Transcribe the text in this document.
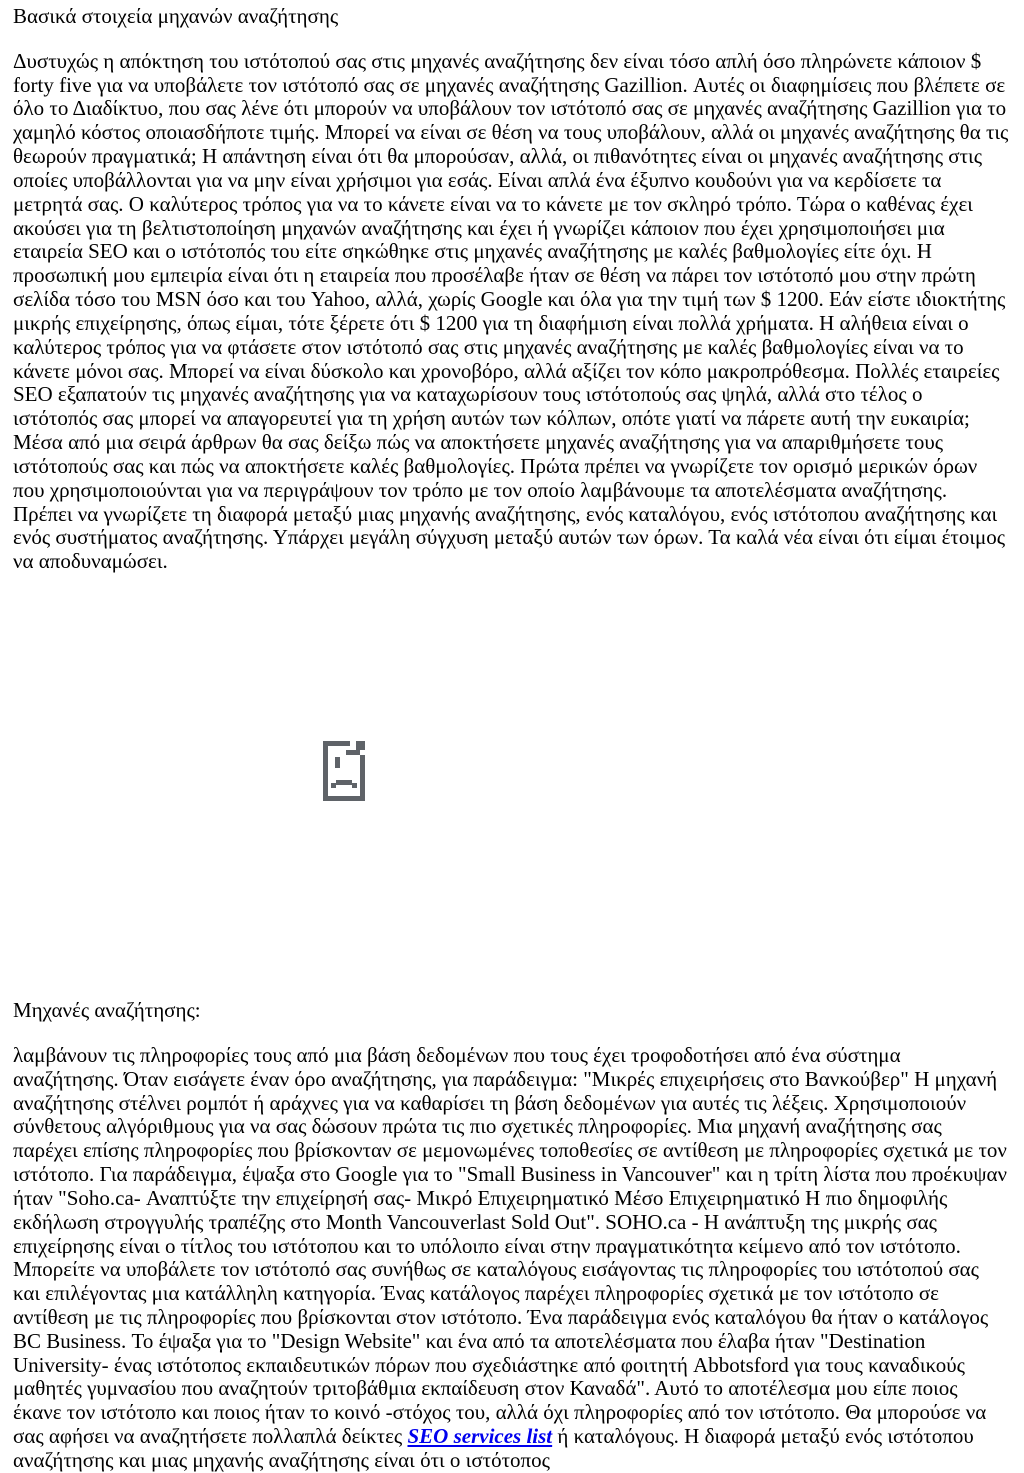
Βασικά στοιχεία μηχανών αναζήτησης

Δυστυχώς η απόκτηση του ιστότοπού σας στις μηχανές αναζήτησης δεν είναι τόσο απλή όσο πληρώνετε κάποιον $ forty five για να υποβάλετε τον ιστότοπό σας σε μηχανές αναζήτησης Gazillion. Αυτές οι διαφημίσεις που βλέπετε σε όλο το Διαδίκτυο, που σας λένε ότι μπορούν να υποβάλουν τον ιστότοπό σας σε μηχανές αναζήτησης Gazillion για το χαμηλό κόστος οποιασδήποτε τιμής. Μπορεί να είναι σε θέση να τους υποβάλουν, αλλά οι μηχανές αναζήτησης θα τις θεωρούν πραγματικά; Η απάντηση είναι ότι θα μπορούσαν, αλλά, οι πιθανότητες είναι οι μηχανές αναζήτησης στις οποίες υποβάλλονται για να μην είναι χρήσιμοι για εσάς. Είναι απλά ένα έξυπνο κουδούνι για να κερδίσετε τα μετρητά σας. Ο καλύτερος τρόπος για να το κάνετε είναι να το κάνετε με τον σκληρό τρόπο. Τώρα ο καθένας έχει ακούσει για τη βελτιστοποίηση μηχανών αναζήτησης και έχει ή γνωρίζει κάποιον που έχει χρησιμοποιήσει μια εταιρεία SEO και ο ιστότοπός του είτε σηκώθηκε στις μηχανές αναζήτησης με καλές βαθμολογίες είτε όχι. Η προσωπική μου εμπειρία είναι ότι η εταιρεία που προσέλαβε ήταν σε θέση να πάρει τον ιστότοπό μου στην πρώτη σελίδα τόσο του MSN όσο και του Yahoo, αλλά, χωρίς Google και όλα για την τιμή των $ 1200. Εάν είστε ιδιοκτήτης μικρής επιχείρησης, όπως είμαι, τότε ξέρετε ότι $ 1200 για τη διαφήμιση είναι πολλά χρήματα. Η αλήθεια είναι ο καλύτερος τρόπος για να φτάσετε στον ιστότοπό σας στις μηχανές αναζήτησης με καλές βαθμολογίες είναι να το κάνετε μόνοι σας. Μπορεί να είναι δύσκολο και χρονοβόρο, αλλά αξίζει τον κόπο μακροπρόθεσμα. Πολλές εταιρείες SEO εξαπατούν τις μηχανές αναζήτησης για να καταχωρίσουν τους ιστότοπούς σας ψηλά, αλλά στο τέλος ο ιστότοπός σας μπορεί να απαγορευτεί για τη χρήση αυτών των κόλπων, οπότε γιατί να πάρετε αυτή την ευκαιρία; Μέσα από μια σειρά άρθρων θα σας δείξω πώς να αποκτήσετε μηχανές αναζήτησης για να απαριθμήσετε τους ιστότοπούς σας και πώς να αποκτήσετε καλές βαθμολογίες. Πρώτα πρέπει να γνωρίζετε τον ορισμό μερικών όρων που χρησιμοποιούνται για να περιγράψουν τον τρόπο με τον οποίο λαμβάνουμε τα αποτελέσματα αναζήτησης. Πρέπει να γνωρίζετε τη διαφορά μεταξύ μιας μηχανής αναζήτησης, ενός καταλόγου, ενός ιστότοπου αναζήτησης και ενός συστήματος αναζήτησης. Υπάρχει μεγάλη σύγχυση μεταξύ αυτών των όρων. Τα καλά νέα είναι ότι είμαι έτοιμος να αποδυναμώσει.

Μηχανές αναζήτησης:

λαμβάνουν τις πληροφορίες τους από μια βάση δεδομένων που τους έχει τροφοδοτήσει από ένα σύστημα αναζήτησης. Όταν εισάγετε έναν όρο αναζήτησης, για παράδειγμα: "Μικρές επιχειρήσεις στο Βανκούβερ" Η μηχανή αναζήτησης στέλνει ρομπότ ή αράχνες για να καθαρίσει τη βάση δεδομένων για αυτές τις λέξεις. Χρησιμοποιούν σύνθετους αλγόριθμους για να σας δώσουν πρώτα τις πιο σχετικές πληροφορίες. Μια μηχανή αναζήτησης σας παρέχει επίσης πληροφορίες που βρίσκονταν σε μεμονωμένες τοποθεσίες σε αντίθεση με πληροφορίες σχετικά με τον ιστότοπο. Για παράδειγμα, έψαξα στο Google για το "Small Business in Vancouver" και η τρίτη λίστα που προέκυψαν ήταν "Soho.ca- Αναπτύξτε την επιχείρησή σας- Μικρό Επιχειρηματικό Μέσο Επιχειρηματικό Η πιο δημοφιλής εκδήλωση στρογγυλής τραπέζης στο Month Vancouverlast Sold Out". SOHO.ca - Η ανάπτυξη της μικρής σας επιχείρησης είναι ο τίτλος του ιστότοπου και το υπόλοιπο είναι στην πραγματικότητα κείμενο από τον ιστότοπο. Μπορείτε να υποβάλετε τον ιστότοπό σας συνήθως σε καταλόγους εισάγοντας τις πληροφορίες του ιστότοπού σας και επιλέγοντας μια κατάλληλη κατηγορία. Ένας κατάλογος παρέχει πληροφορίες σχετικά με τον ιστότοπο σε αντίθεση με τις πληροφορίες που βρίσκονται στον ιστότοπο. Ένα παράδειγμα ενός καταλόγου θα ήταν ο κατάλογος BC Business. Το έψαξα για το "Design Website" και ένα από τα αποτελέσματα που έλαβα ήταν "Destination University- ένας ιστότοπος εκπαιδευτικών πόρων που σχεδιάστηκε από φοιτητή Abbotsford για τους καναδικούς μαθητές γυμνασίου που αναζητούν τριτοβάθμια εκπαίδευση στον Καναδά". Αυτό το αποτέλεσμα μου είπε ποιος έκανε τον ιστότοπο και ποιος ήταν το κοινό -στόχος του, αλλά όχι πληροφορίες από τον ιστότοπο. Θα μπορούσε να σας αφήσει να αναζητήσετε πολλαπλά δείκτες SEO services list ή καταλόγους. Η διαφορά μεταξύ ενός ιστότοπου αναζήτησης και μιας μηχανής αναζήτησης είναι ότι ο ιστότοπος
